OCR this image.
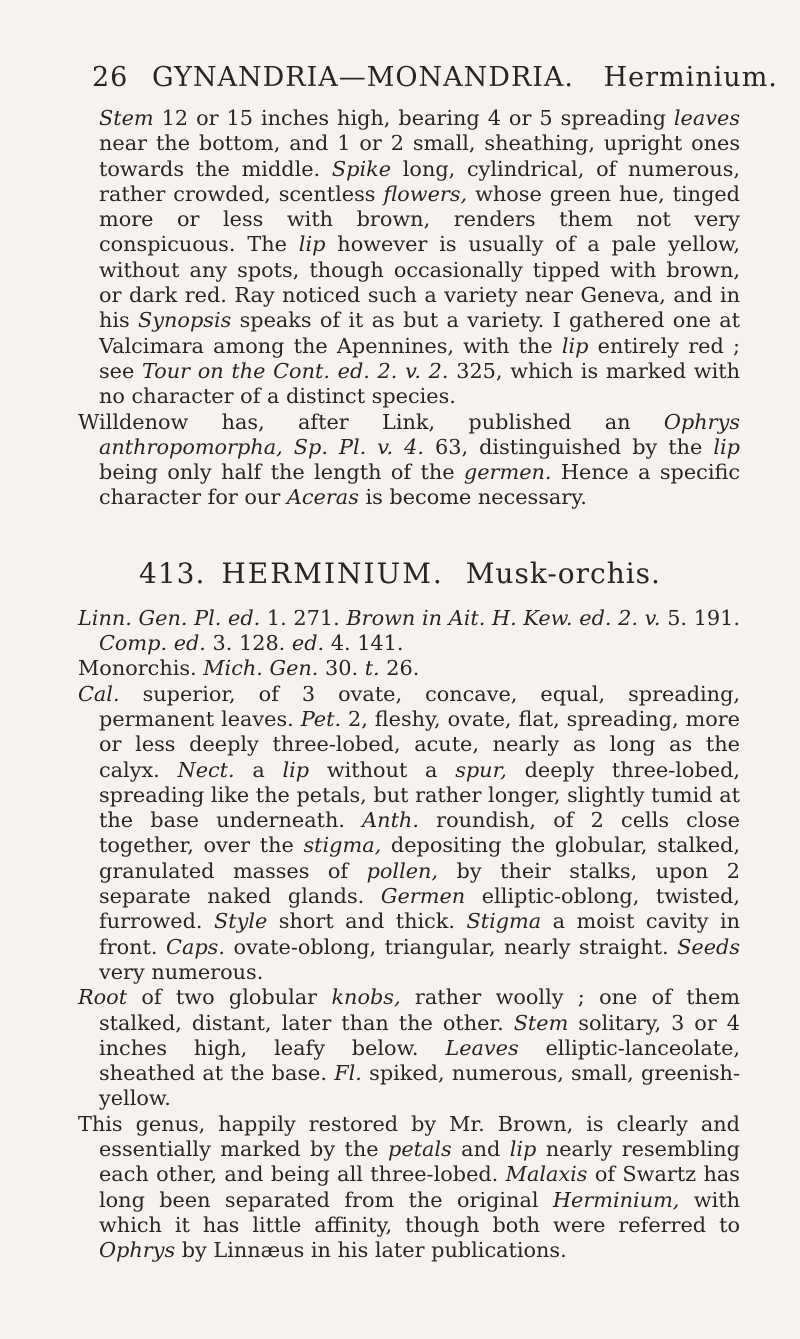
26 GYNANDRIA—MONANDRIA. Herminium.

Stem 12 or 15 inches high, bearing 4 or 5 spreading leaves near the bottom, and 1 or 2 small, sheathing, upright ones towards the middle. Spike long, cylindrical, of numerous, rather crowded, scentless flowers, whose green hue, tinged more or less with brown, renders them not very conspicuous. The lip however is usually of a pale yellow, without any spots, though occasionally tipped with brown, or dark red. Ray noticed such a variety near Geneva, and in his Synopsis speaks of it as but a variety. I gathered one at Valcimara among the Apennines, with the lip entirely red ; see Tour on the Cont. ed. 2. v. 2. 325, which is marked with no character of a distinct species.

Willdenow has, after Link, published an Ophrys anthropomorpha, Sp. Pl. v. 4. 63, distinguished by the lip being only half the length of the germen. Hence a specific character for our Aceras is become necessary.

413. HERMINIUM. Musk-orchis.

Linn. Gen. Pl. ed. 1. 271. Brown in Ait. H. Kew. ed. 2. v. 5. 191. Comp. ed. 3. 128. ed. 4. 141.

Monorchis. Mich. Gen. 30. t. 26.

Cal. superior, of 3 ovate, concave, equal, spreading, permanent leaves. Pet. 2, fleshy, ovate, flat, spreading, more or less deeply three-lobed, acute, nearly as long as the calyx. Nect. a lip without a spur, deeply three-lobed, spreading like the petals, but rather longer, slightly tumid at the base underneath. Anth. roundish, of 2 cells close together, over the stigma, depositing the globular, stalked, granulated masses of pollen, by their stalks, upon 2 separate naked glands. Germen elliptic-oblong, twisted, furrowed. Style short and thick. Stigma a moist cavity in front. Caps. ovate-oblong, triangular, nearly straight. Seeds very numerous.

Root of two globular knobs, rather woolly ; one of them stalked, distant, later than the other. Stem solitary, 3 or 4 inches high, leafy below. Leaves elliptic-lanceolate, sheathed at the base. Fl. spiked, numerous, small, greenish-yellow.

This genus, happily restored by Mr. Brown, is clearly and essentially marked by the petals and lip nearly resembling each other, and being all three-lobed. Malaxis of Swartz has long been separated from the original Herminium, with which it has little affinity, though both were referred to Ophrys by Linnæus in his later publications.
